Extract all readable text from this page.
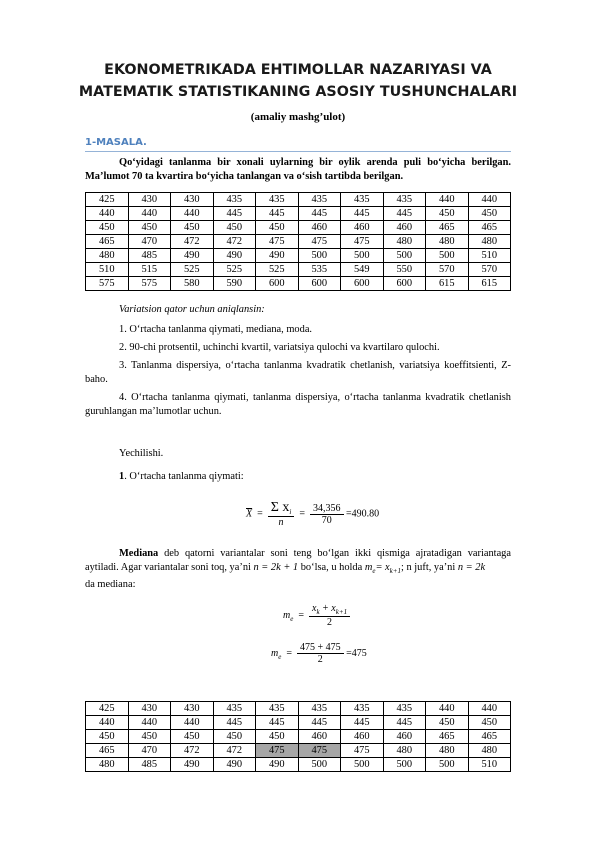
EKONOMETRIKADA EHTIMOLLAR NAZARIYASI VA
MATEMATIK STATISTIKANING ASOSIY TUSHUNCHALARI
(amaliy mashg’ulot)
1-MASALA.
Qo‘yidagi tanlanma bir xonali uylarning bir oylik arenda puli bo‘yicha berilgan. Ma’lumot 70 ta kvartira bo‘yicha tanlangan va o‘sish tartibda berilgan.
425	430	430	435	435	435	435	435	440	440
440	440	440	445	445	445	445	445	450	450
450	450	450	450	450	460	460	460	465	465
465	470	472	472	475	475	475	480	480	480
480	485	490	490	490	500	500	500	500	510
510	515	525	525	525	535	549	550	570	570
575	575	580	590	600	600	600	600	615	615
Variatsion qator uchun aniqlansin:
1. O‘rtacha tanlanma qiymati, mediana, moda.
2. 90-chi protsentil, uchinchi kvartil, variatsiya qulochi va kvartilaro qulochi.
3. Tanlanma dispersiya, o‘rtacha tanlanma kvadratik chetlanish, variatsiya koeffitsienti, Z-baho.
4. O‘rtacha tanlanma qiymati, tanlanma dispersiya, o‘rtacha tanlanma kvadratik chetlanish guruhlangan ma’lumotlar uchun.
Yechilishi.
1. O‘rtacha tanlanma qiymati:
$\overline{X} = \frac{\Sigma x_i}{n} = \frac{34,356}{70} =490.80$
Mediana deb qatorni variantalar soni teng bo‘lgan ikki qismiga ajratadigan variantaga aytiladi. Agar variantalar soni toq, ya’ni n = 2k + 1 bo‘lsa, u holda $m_e= x_{k+1}$; n juft, ya’ni n = 2k
da mediana:
$m_e = \frac{x_k + x_{k+1}}{2}$
$m_e = \frac{475 + 475}{2} =475$
425	430	430	435	435	435	435	435	440	440
440	440	440	445	445	445	445	445	450	450
450	450	450	450	450	460	460	460	465	465
465	470	472	472	475	475	475	480	480	480
480	485	490	490	490	500	500	500	500	510
